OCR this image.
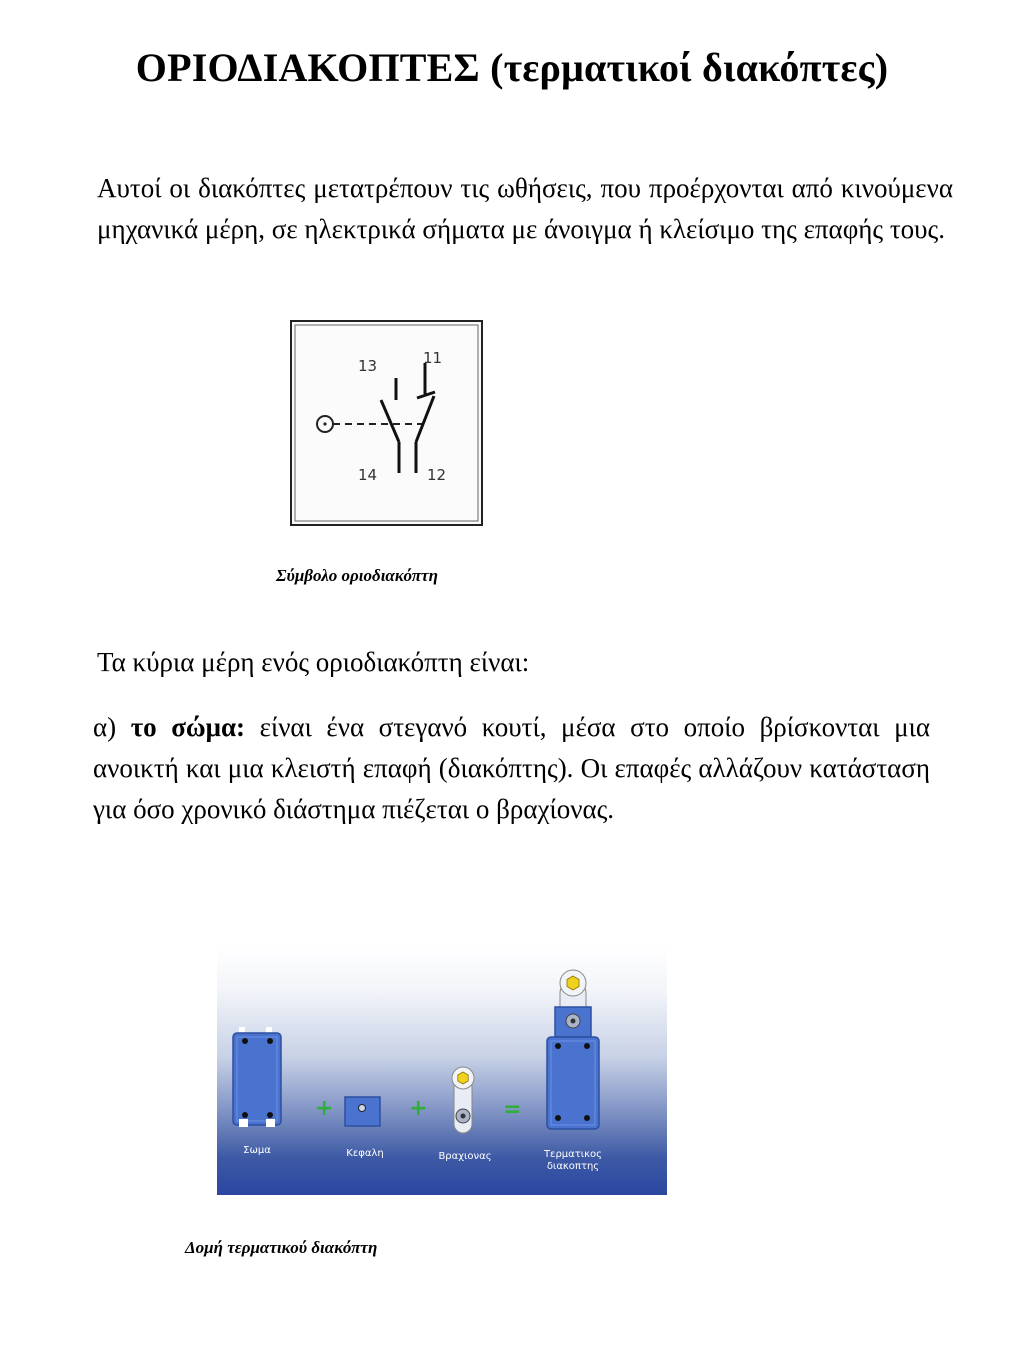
ΟΡΙΟΔΙΑΚΟΠΤΕΣ (τερματικοί διακόπτες)
Αυτοί οι διακόπτες μετατρέπουν τις ωθήσεις, που προέρχονται από κινούμενα μηχανικά μέρη, σε ηλεκτρικά σήματα με άνοιγμα ή κλείσιμο της επαφής τους.
13	11
14	12
Σύμβολο οριοδιακόπτη
Τα κύρια μέρη ενός οριοδιακόπτη είναι:
α) το σώμα: είναι ένα στεγανό κουτί, μέσα στο οποίο βρίσκονται μια ανοικτή και μια κλειστή επαφή (διακόπτης). Οι επαφές αλλάζουν κατάσταση για όσο χρονικό διάστημα πιέζεται ο βραχίονας.
+	+	=
Σωμα	Κεφαλη	Βραχιονας	Τερματικος
διακοπτης
Δομή τερματικού διακόπτη
